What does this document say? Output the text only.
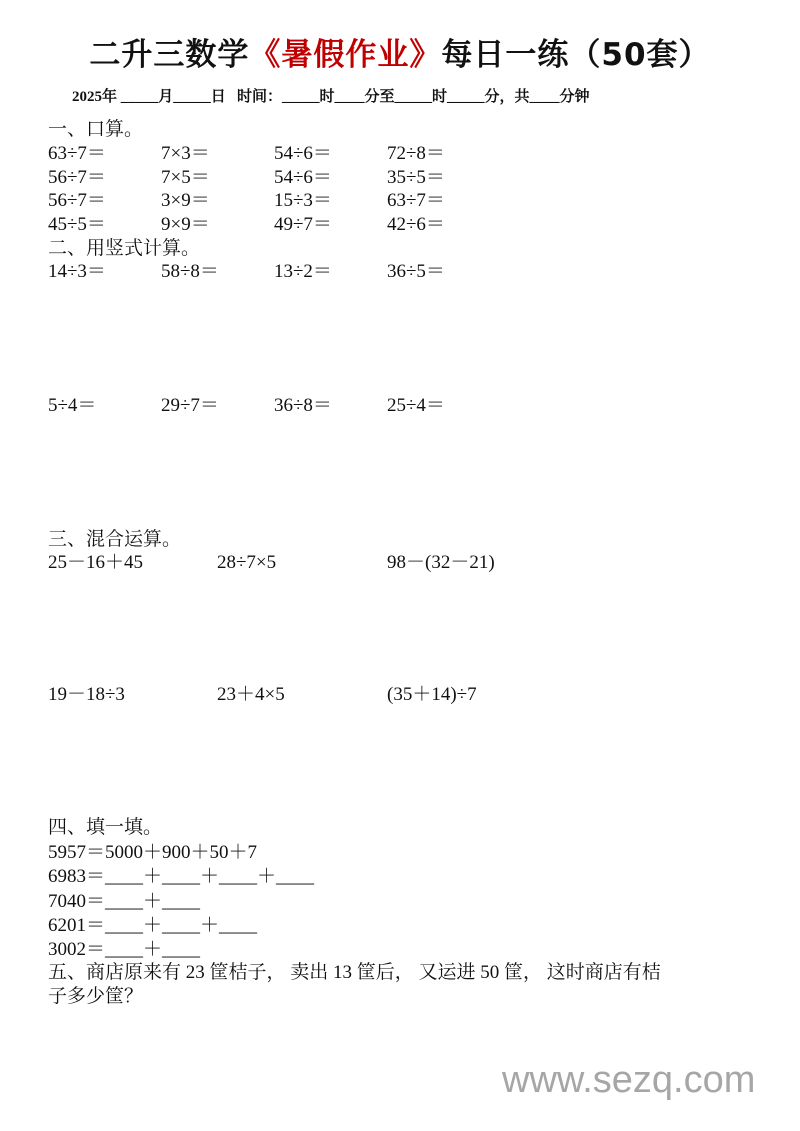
二升三数学《暑假作业》每日一练（50套）
2025年 _____月_____日   时间：_____时____分至_____时_____分，共____分钟
一、口算。
63÷7＝	7×3＝	54÷6＝	72÷8＝
56÷7＝	7×5＝	54÷6＝	35÷5＝
56÷7＝	3×9＝	15÷3＝	63÷7＝
45÷5＝	9×9＝	49÷7＝	42÷6＝
二、用竖式计算。
14÷3＝	58÷8＝	13÷2＝	36÷5＝
5÷4＝	29÷7＝	36÷8＝	25÷4＝
三、混合运算。
25－16＋45	28÷7×5	98－(32－21)
19－18÷3	23＋4×5	(35＋14)÷7
四、填一填。
5957＝5000＋900＋50＋7
6983＝____＋____＋____＋____
7040＝____＋____
6201＝____＋____＋____
3002＝____＋____
五、商店原来有 23 筐桔子， 卖出 13 筐后， 又运进 50 筐， 这时商店有桔
子多少筐？
www.sezq.com
